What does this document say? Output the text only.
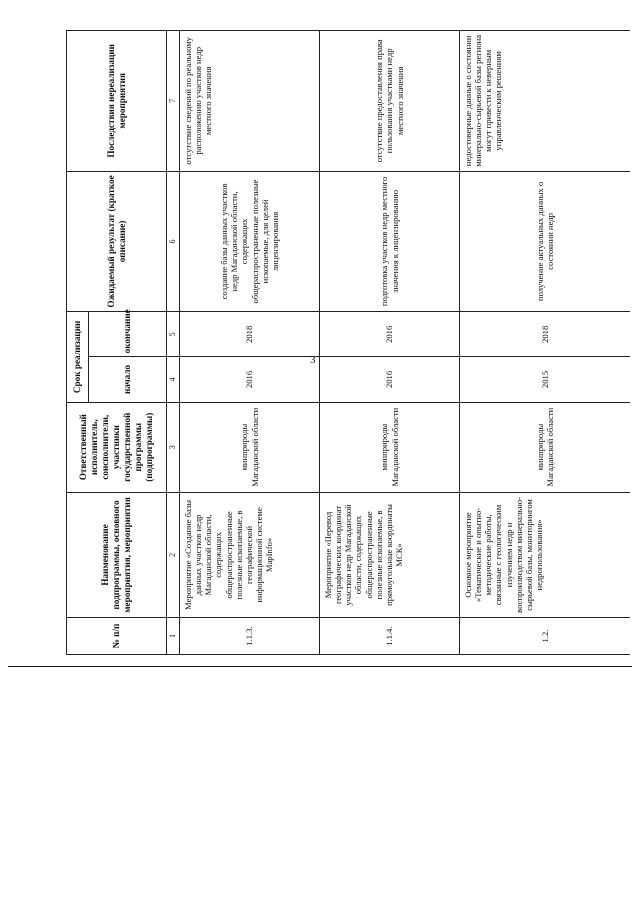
3
№ п/п	Наименование подпрограммы, основного мероприятия, мероприятия	Ответственный исполнитель, соисполнители, участники государственной программы (подпрограммы)	Срок реализации		Ожидаемый результат (краткое описание)	Последствия нереализации мероприятия
			начало	окончание		
1	2	3	4	5	6	7
1.1.3.	Мероприятие «Создание базы данных участков недр Магаданской области, содержащих общераспространенные полезные ископаемые, в географической информационной системе MapInfo»	минприроды Магаданской области	2016	2018	создание базы данных участков недр Магаданской области, содержащих общераспространенные полезные ископаемые, для целей лицензирования	отсутствие сведений по реальному расположению участков недр местного значения
1.1.4.	Мероприятие «Перевод географических координат участков недр Магаданской области, содержащих общераспространенные полезные ископаемые, в прямоугольные координаты МСК»	минприроды Магаданской области	2016	2016	подготовка участков недр местного значения к лицензированию	отсутствие предоставления права пользования участками недр местного значения
1.2.	Основное мероприятие «Тематические и опытно-методические работы, связанные с геологическим изучением недр и воспроизводством минерально-сырьевой базы, мониторингом недропользования»	минприроды Магаданской области	2015	2018	получение актуальных данных о состоянии недр	недостоверные данные о состоянии минерально-сырьевой базы региона могут привести к неверным управленческим решениям
